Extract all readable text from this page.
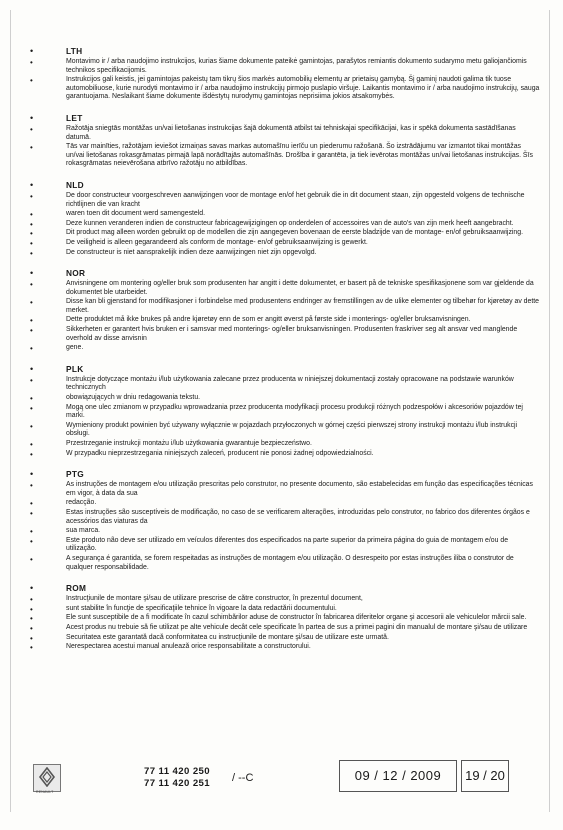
•	LTH
•	Montavimo ir / arba naudojimo instrukcijos, kurias šiame dokumente pateikė gamintojas, parašytos remiantis dokumento sudarymo metu galiojančiomis technikos specifikacijomis.
•	Instrukcijos gali keistis, jei gamintojas pakeistų tam tikrų šios markės automobilių elementų ar prietaisų gamybą. Šį gaminį naudoti galima tik tuose automobiliuose, kurie nurodyti montavimo ir / arba naudojimo instrukcijų pirmojo puslapio viršuje. Laikantis montavimo ir / arba naudojimo instrukcijų, sauga garantuojama. Neslaikant šiame dokumente išdėstytų nurodymų gamintojas neprisiima jokios atsakomybės.
•	LET
•	Ražotāja sniegtās montāžas un/vai lietošanas instrukcijas šajā dokumentā atbilst tai tehniskajai specifikācijai, kas ir spēkā dokumenta sastādīšanas datumā.
•	Tās var mainīties, ražotājam ieviešot izmaiņas savas markas automašīnu ierīču un piederumu ražošanā. Šo izstrādājumu var izmantot tikai montāžas un/vai lietošanas rokasgrāmatas pirmajā lapā norādītajās automašīnās. Drošība ir garantēta, ja tiek ievērotas montāžas un/vai lietošanas instrukcijas. Šīs rokasgrāmatas neievērošana atbrīvo ražotāju no atbildības.
•	NLD
•	De door constructeur voorgeschreven aanwijzingen voor de montage en/of het gebruik die in dit document staan, zijn opgesteld volgens de technische richtlijnen die van kracht
•	waren toen dit document werd samengesteld.
•	Deze kunnen veranderen indien de constructeur fabricagewijzigingen op onderdelen of accessoires van de auto's van zijn merk heeft aangebracht.
•	Dit product mag alleen worden gebruikt op de modellen die zijn aangegeven bovenaan de eerste bladzijde van de montage- en/of gebruiksaanwijzing.
•	De veiligheid is alleen gegarandeerd als conform de montage- en/of gebruiksaanwijzing is gewerkt.
•	De constructeur is niet aansprakelijk indien deze aanwijzingen niet zijn opgevolgd.
•	NOR
•	Anvisningene om montering og/eller bruk som produsenten har angitt i dette dokumentet, er basert på de tekniske spesifikasjonene som var gjeldende da dokumentet ble utarbeidet.
•	Disse kan bli gjenstand for modifikasjoner i forbindelse med produsentens endringer av fremstillingen av de ulike elementer og tilbehør for kjøretøy av dette merket.
•	Dette produktet må ikke brukes på andre kjøretøy enn de som er angitt øverst på første side i monterings- og/eller bruksanvisningen.
•	Sikkerheten er garantert hvis bruken er i samsvar med monterings- og/eller bruksanvisningen. Produsenten fraskriver seg alt ansvar ved manglende overhold av disse anvisnin
•	gene.
•	PLK
•	Instrukcje dotyczące montażu i/lub użytkowania zalecane przez producenta w niniejszej dokumentacji zostały opracowane na podstawie warunków technicznych
•	obowiązujących w dniu redagowania tekstu.
•	Mogą one ulec zmianom w przypadku wprowadzania przez producenta modyfikacji procesu produkcji różnych podzespołów i akcesoriów pojazdów tej marki.
•	Wymieniony produkt powinien być używany wyłącznie w pojazdach przyłoczonych w górnej części pierwszej strony instrukcji montażu i/lub instrukcji obsługi.
•	Przestrzeganie instrukcji montażu i/lub użytkowania gwarantuje bezpieczeństwo.
•	W przypadku nieprzestrzegania niniejszych zaleceń, producent nie ponosi żadnej odpowiedzialności.
•	PTG
•	As instruções de montagem e/ou utilização prescritas pelo construtor, no presente documento, são estabelecidas em função das especificações técnicas em vigor, à data da sua
•	redacção.
•	Estas instruções são susceptíveis de modificação, no caso de se verificarem alterações, introduzidas pelo construtor, no fabrico dos diferentes órgãos e acessórios das viaturas da
•	sua marca.
•	Este produto não deve ser utilizado em veículos diferentes dos especificados na parte superior da primeira página do guia de montagem e/ou de utilização.
•	A segurança é garantida, se forem respeitadas as instruções de montagem e/ou utilização. O desrespeito por estas instruções iliba o construtor de qualquer responsabilidade.
•	ROM
•	Instrucţiunile de montare şi/sau de utilizare prescrise de către constructor, în prezentul document,
•	sunt stabilite în funcţie de specificaţiile tehnice în vigoare la data redactării documentului.
•	Ele sunt susceptibile de a fi modificate în cazul schimbărilor aduse de constructor în fabricarea diferitelor organe şi accesorii ale vehiculelor mărcii sale.
•	Acest produs nu trebuie să fie utilizat pe alte vehicule decât cele specificate în partea de sus a primei pagini din manualul de montare şi/sau de utilizare
•	Securitatea este garantată dacă conformitatea cu instrucţiunile de montare şi/sau de utilizare este urmată.
•	Nerespectarea acestui manual anulează orice responsabilitate a constructorului.
RENAULT
77 11 420 250
77 11 420 251 / --C	09 / 12 / 2009	19 / 20
